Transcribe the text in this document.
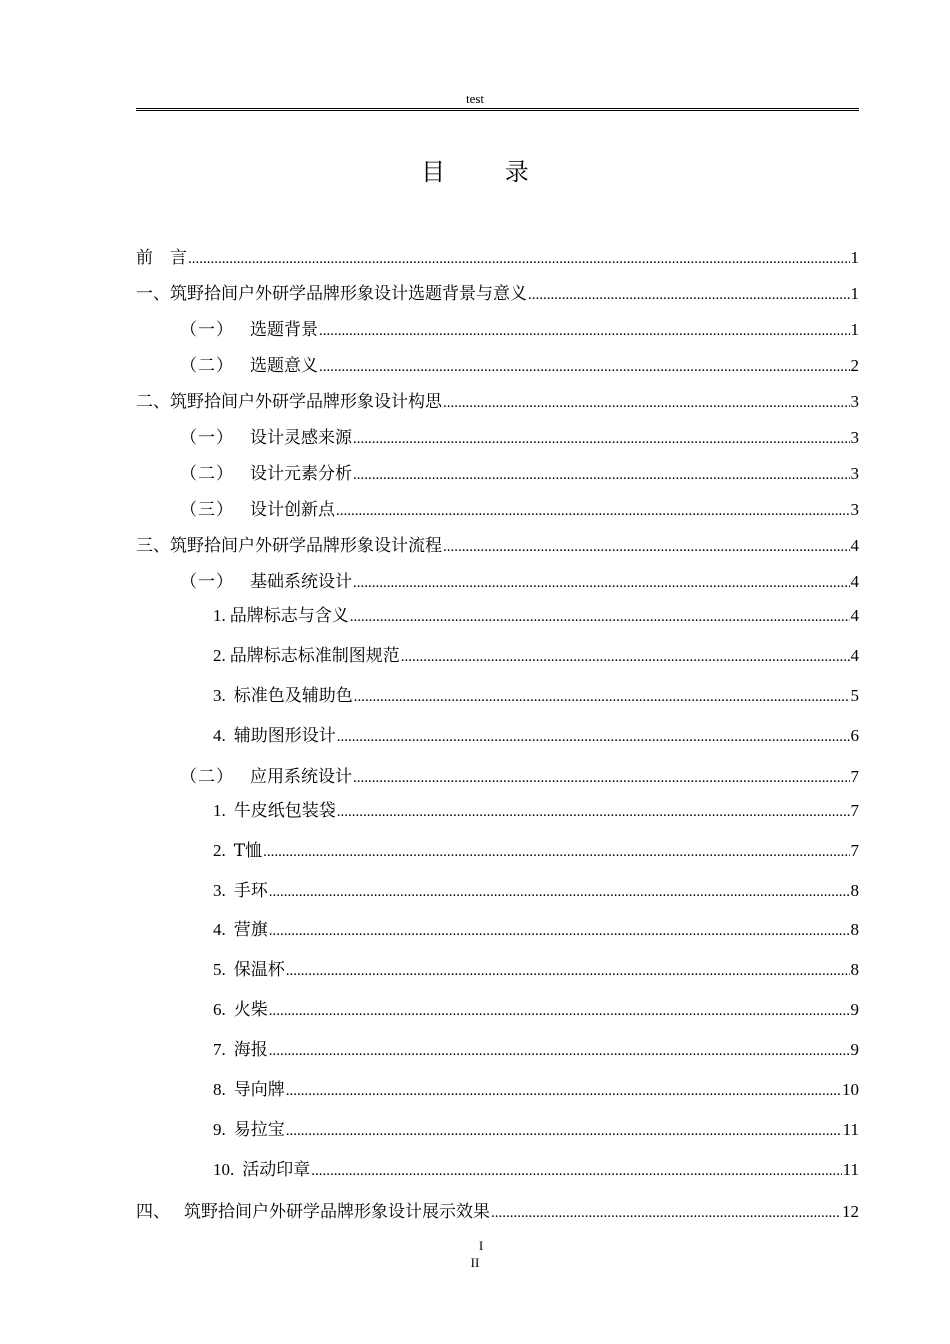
test
目 录
前　言 .....	1
一、 筑野拾间户外研学品牌形象设计选题背景与意义 .....	1
（一） 选题背景 .....	1
（二） 选题意义 .....	2
二、 筑野拾间户外研学品牌形象设计构思 .....	3
（一） 设计灵感来源 .....	3
（二） 设计元素分析 .....	3
（三） 设计创新点 .....	3
三、 筑野拾间户外研学品牌形象设计流程 .....	4
（一） 基础系统设计 .....	4
1. 品牌标志与含义 .....	4
2. 品牌标志标准制图规范 .....	4
3. 标准色及辅助色 .....	5
4. 辅助图形设计 .....	6
（二） 应用系统设计 .....	7
1. 牛皮纸包装袋 .....	7
2. T恤 .....	7
3. 手环 .....	8
4. 营旗 .....	8
5. 保温杯 .....	8
6. 火柴 .....	9
7. 海报 .....	9
8. 导向牌 .....	10
9. 易拉宝 .....	11
10. 活动印章 .....	11
四、 筑野拾间户外研学品牌形象设计展示效果 .....	12
I
II
